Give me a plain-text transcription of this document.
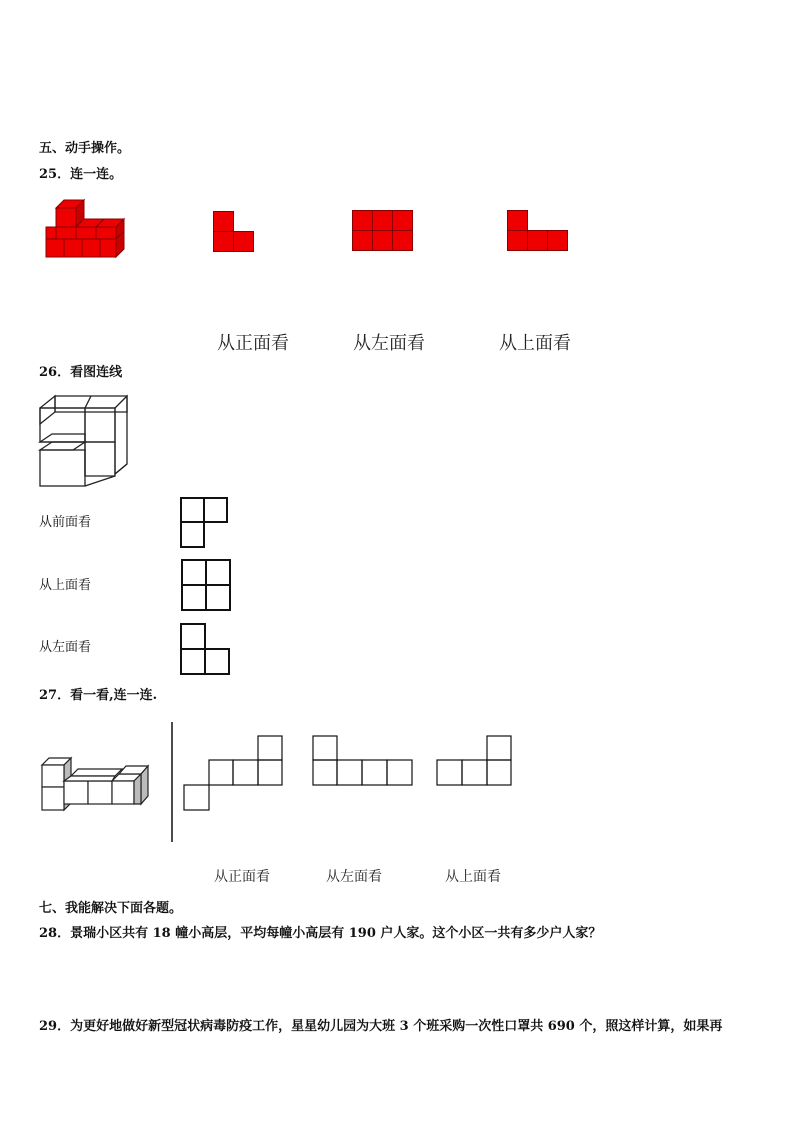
五、动手操作。
25．连一连。
从正面看	从左面看	从上面看
26．看图连线
从前面看
从上面看
从左面看
27．看一看,连一连.
从正面看	从左面看	从上面看
七、我能解决下面各题。
28．景瑞小区共有 18 幢小高层，平均每幢小高层有 190 户人家。这个小区一共有多少户人家？
29．为更好地做好新型冠状病毒防疫工作，星星幼儿园为大班 3 个班采购一次性口罩共 690 个，照这样计算，如果再
